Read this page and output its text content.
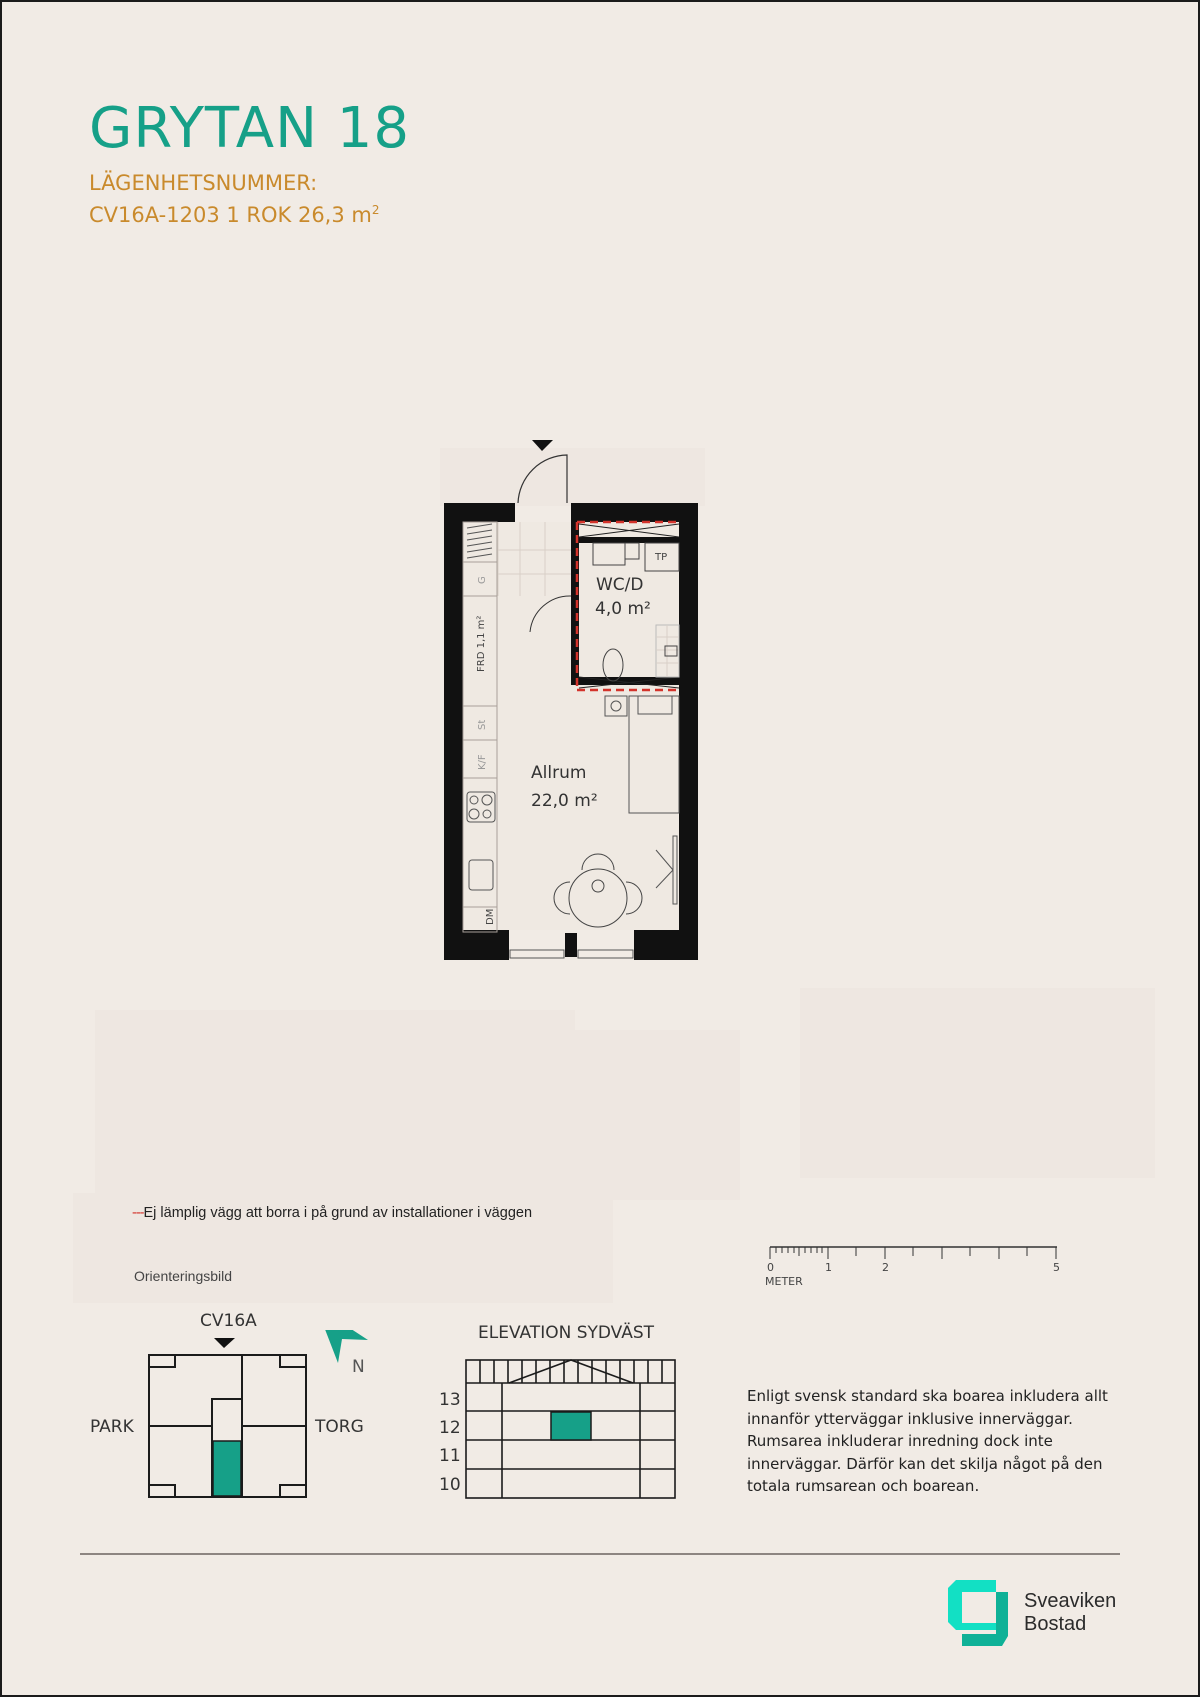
GRYTAN 18
LÄGENHETSNUMMER:
CV16A-1203 1 ROK 26,3 $m^2$
TP
G
FRD 1,1 m²
St
K/F
DM
WC/D
4,0 m²
Allrum
22,0 m²
---Ej lämplig vägg att borra i på grund av installationer i väggen
Orienteringsbild
0	1	2	5
METER
CV16A
PARK	TORG
N
ELEVATION SYDVÄST
13
12
11
10
Enligt svensk standard ska boarea inkludera allt innanför ytterväggar inklusive innerväggar. Rumsarea inkluderar inredning dock inte innerväggar. Därför kan det skilja något på den totala rumsarean och boarean.
Sveaviken
Bostad
